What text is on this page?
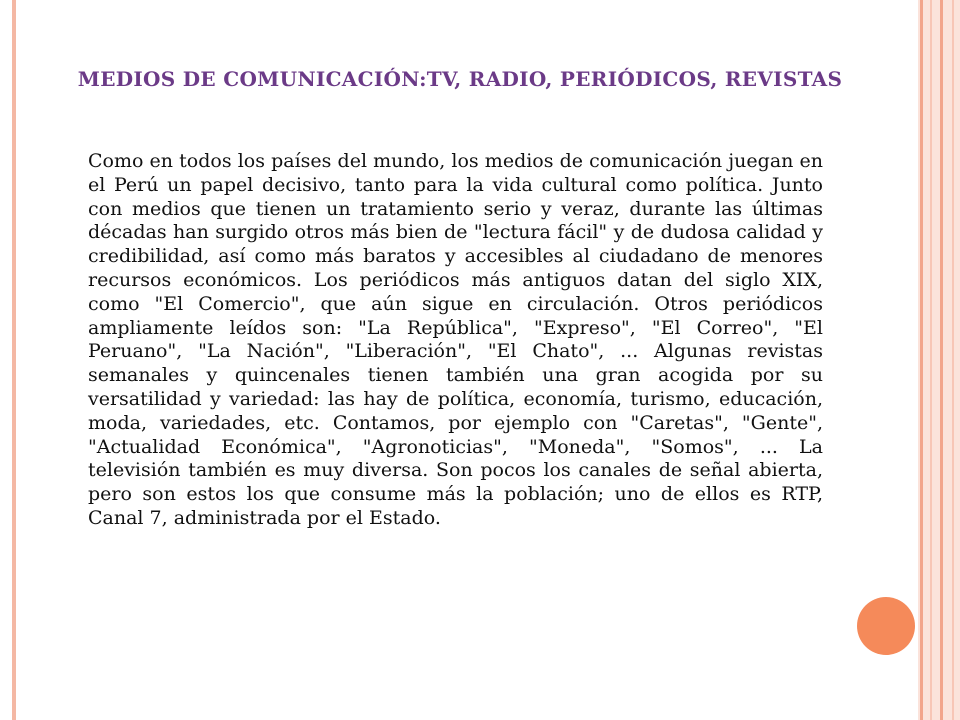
MEDIOS DE COMUNICACIÓN:TV, RADIO, PERIÓDICOS, REVISTAS

Como en todos los países del mundo, los medios de comunicación juegan en el Perú un papel decisivo, tanto para la vida cultural como política. Junto con medios que tienen un tratamiento serio y veraz, durante las últimas décadas han surgido otros más bien de "lectura fácil" y de dudosa calidad y credibilidad, así como más baratos y accesibles al ciudadano de menores recursos económicos. Los periódicos más antiguos datan del siglo XIX, como "El Comercio", que aún sigue en circulación. Otros periódicos ampliamente leídos son: "La República", "Expreso", "El Correo", "El Peruano", "La Nación", "Liberación", "El Chato", ... Algunas revistas semanales y quincenales tienen también una gran acogida por su versatilidad y variedad: las hay de política, economía, turismo, educación, moda, variedades, etc. Contamos, por ejemplo con "Caretas", "Gente", "Actualidad Económica", "Agronoticias", "Moneda", "Somos", ... La televisión también es muy diversa. Son pocos los canales de señal abierta, pero son estos los que consume más la población; uno de ellos es RTP, Canal 7, administrada por el Estado.
